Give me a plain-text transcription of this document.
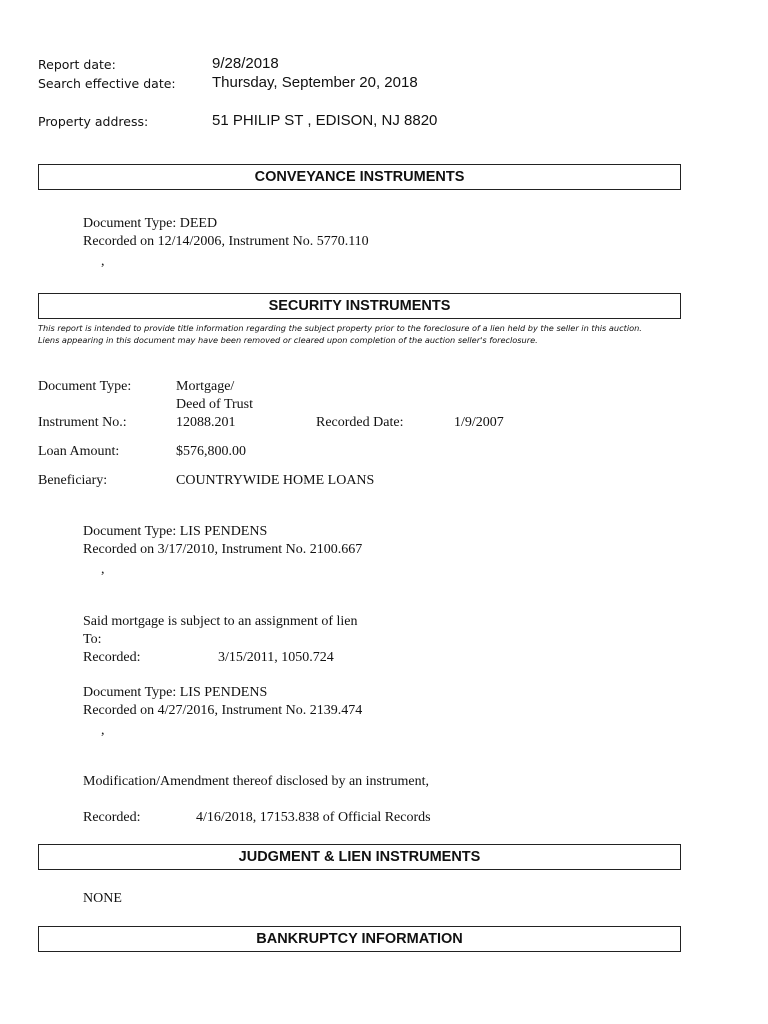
Report date:	9/28/2018
Search effective date: Thursday, September 20, 2018
Property address:	51 PHILIP ST , EDISON, NJ 8820
CONVEYANCE INSTRUMENTS
Document Type: DEED
Recorded on 12/14/2006, Instrument No. 5770.110
,
SECURITY INSTRUMENTS
This report is intended to provide title information regarding the subject property prior to the foreclosure of a lien held by the seller in this auction.
Liens appearing in this document may have been removed or cleared upon completion of the auction seller's foreclosure.
Document Type:	Mortgage/
Deed of Trust
Instrument No.:	12088.201	Recorded Date:	1/9/2007
Loan Amount:	$576,800.00
Beneficiary:	COUNTRYWIDE HOME LOANS
Document Type: LIS PENDENS
Recorded on 3/17/2010, Instrument No. 2100.667
,
Said mortgage is subject to an assignment of lien
To:
Recorded:	3/15/2011, 1050.724
Document Type: LIS PENDENS
Recorded on 4/27/2016, Instrument No. 2139.474
,
Modification/Amendment thereof disclosed by an instrument,
Recorded:	4/16/2018, 17153.838 of Official Records
JUDGMENT & LIEN INSTRUMENTS
NONE
BANKRUPTCY INFORMATION
